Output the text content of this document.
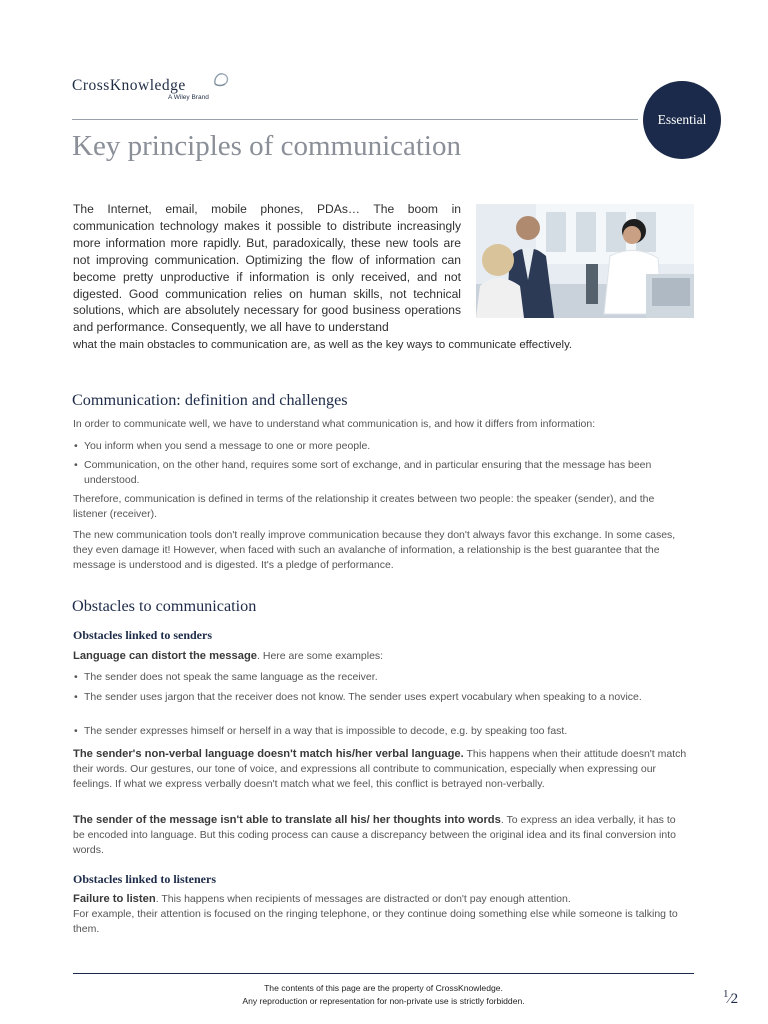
CrossKnowledge
A Wiley Brand
Essential
Key principles of communication

The Internet, email, mobile phones, PDAs… The boom in communication technology makes it possible to distribute increasingly more information more rapidly. But, paradoxically, these new tools are not improving communication. Optimizing the flow of information can become pretty unproductive if information is only received, and not digested. Good communication relies on human skills, not technical solutions, which are absolutely necessary for good business operations and performance. Consequently, we all have to understand

what the main obstacles to communication are, as well as the key ways to communicate effectively.

Communication: definition and challenges

In order to communicate well, we have to understand what communication is, and how it differs from information:

• You inform when you send a message to one or more people.

• Communication, on the other hand, requires some sort of exchange, and in particular ensuring that the message has been understood.

Therefore, communication is defined in terms of the relationship it creates between two people: the speaker (sender), and the listener (receiver).

The new communication tools don't really improve communication because they don't always favor this exchange. In some cases, they even damage it! However, when faced with such an avalanche of information, a relationship is the best guarantee that the message is understood and is digested. It's a pledge of performance.

Obstacles to communication
Obstacles linked to senders

Language can distort the message. Here are some examples:

• The sender does not speak the same language as the receiver.

• The sender uses jargon that the receiver does not know. The sender uses expert vocabulary when speaking to a novice.

• The sender expresses himself or herself in a way that is impossible to decode, e.g. by speaking too fast.

The sender's non-verbal language doesn't match his/her verbal language. This happens when their attitude doesn't match their words. Our gestures, our tone of voice, and expressions all contribute to communication, especially when expressing our feelings. If what we express verbally doesn't match what we feel, this conflict is betrayed non-verbally.

The sender of the message isn't able to translate all his/ her thoughts into words. To express an idea verbally, it has to be encoded into language. But this coding process can cause a discrepancy between the original idea and its final conversion into words.

Obstacles linked to listeners

Failure to listen. This happens when recipients of messages are distracted or don't pay enough attention.
For example, their attention is focused on the ringing telephone, or they continue doing something else while someone is talking to them.

The contents of this page are the property of CrossKnowledge.
Any reproduction or representation for non-private use is strictly forbidden.

$^1$⁄2
